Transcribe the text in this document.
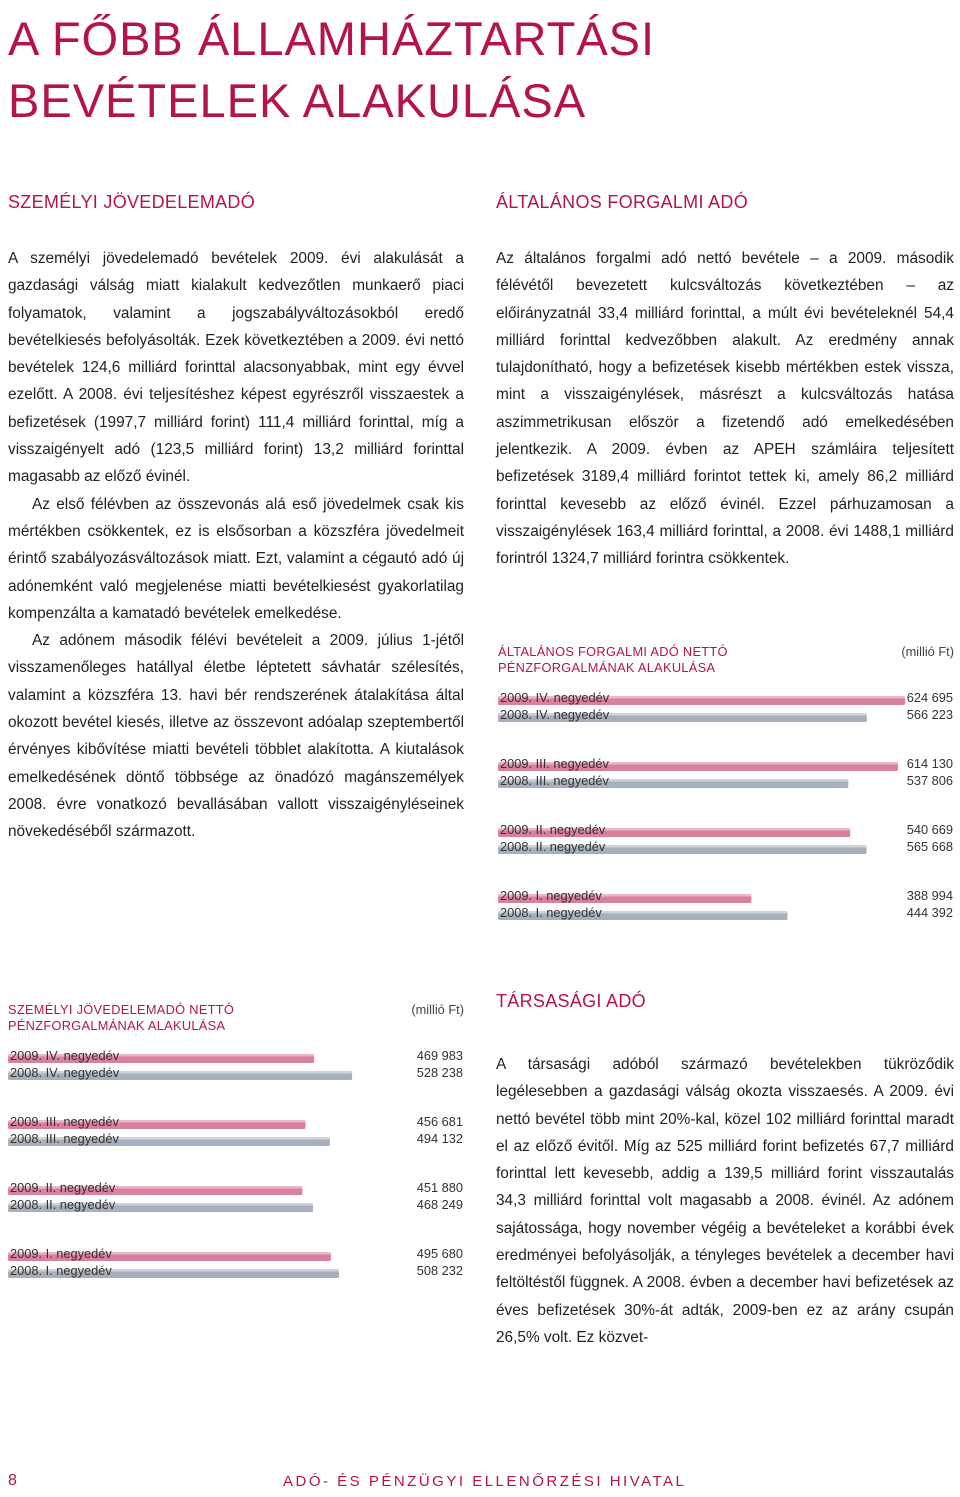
A FŐBB ÁLLAMHÁZTARTÁSI
BEVÉTELEK ALAKULÁSA
SZEMÉLYI JÖVEDELEMADÓ

A személyi jövedelemadó bevételek 2009. évi alakulását a gazdasági válság miatt kialakult kedvezőtlen munkaerő piaci folyamatok, valamint a jogszabályváltozásokból eredő bevételkiesés befolyásolták. Ezek következtében a 2009. évi nettó bevételek 124,6 milliárd forinttal alacsonyabbak, mint egy évvel ezelőtt. A 2008. évi teljesítéshez képest egyrészről visszaestek a befizetések (1997,7 milliárd forint) 111,4 milliárd forinttal, míg a visszaigényelt adó (123,5 milliárd forint) 13,2 milliárd forinttal magasabb az előző évinél.

Az első félévben az összevonás alá eső jövedelmek csak kis mértékben csökkentek, ez is elsősorban a közszféra jövedelmeit érintő szabályozásváltozások miatt. Ezt, valamint a cégautó adó új adónemként való megjelenése miatti bevételkiesést gyakorlatilag kompenzálta a kamatadó bevételek emelkedése.

Az adónem második félévi bevételeit a 2009. július 1-jétől visszamenőleges hatállyal életbe léptetett sávhatár szélesítés, valamint a közszféra 13. havi bér rendszerének átalakítása által okozott bevétel kiesés, illetve az összevont adóalap szeptembertől érvényes kibővítése miatti bevételi többlet alakította. A kiutalások emelkedésének döntő többsége az önadózó magánszemélyek 2008. évre vonatkozó bevallásában vallott visszaigényléseinek növekedéséből származott.

ÁLTALÁNOS FORGALMI ADÓ

Az általános forgalmi adó nettó bevétele – a 2009. második félévétől bevezetett kulcsváltozás következtében – az előirányzatnál 33,4 milliárd forinttal, a múlt évi bevételeknél 54,4 milliárd forinttal kedvezőbben alakult. Az eredmény annak tulajdonítható, hogy a befizetések kisebb mértékben estek vissza, mint a visszaigénylések, másrészt a kulcsváltozás hatása aszimmetrikusan először a fizetendő adó emelkedésében jelentkezik. A 2009. évben az APEH számláira teljesített befizetések 3189,4 milliárd forintot tettek ki, amely 86,2 milliárd forinttal kevesebb az előző évinél. Ezzel párhuzamosan a visszaigénylések 163,4 milliárd forinttal, a 2008. évi 1488,1 milliárd forintról 1324,7 milliárd forintra csökkentek.

ÁLTALÁNOS FORGALMI ADÓ NETTÓ
PÉNZFORGALMÁNAK ALAKULÁSA
(millió Ft)
2009. IV. negyedév	624 695
2008. IV. negyedév	566 223
2009. III. negyedév	614 130
2008. III. negyedév	537 806
2009. II. negyedév	540 669
2008. II. negyedév	565 668
2009. I. negyedév	388 994
2008. I. negyedév	444 392
SZEMÉLYI JÖVEDELEMADÓ NETTÓ
PÉNZFORGALMÁNAK ALAKULÁSA
(millió Ft)
2009. IV. negyedév	469 983
2008. IV. negyedév	528 238
2009. III. negyedév	456 681
2008. III. negyedév	494 132
2009. II. negyedév	451 880
2008. II. negyedév	468 249
2009. I. negyedév	495 680
2008. I. negyedév	508 232
TÁRSASÁGI ADÓ

A társasági adóból származó bevételekben tükröződik legélesebben a gazdasági válság okozta visszaesés. A 2009. évi nettó bevétel több mint 20%-kal, közel 102 milliárd forinttal maradt el az előző évitől. Míg az 525 milliárd forint befizetés 67,7 milliárd forinttal lett kevesebb, addig a 139,5 milliárd forint visszautalás 34,3 milliárd forinttal volt magasabb a 2008. évinél. Az adónem sajátossága, hogy november végéig a bevételeket a korábbi évek eredményei befolyásolják, a tényleges bevételek a december havi feltöltéstől függnek. A 2008. évben a december havi befizetések az éves befizetések 30%-át adták, 2009-ben ez az arány csupán 26,5% volt. Ez közvet-

8	ADÓ- ÉS PÉNZÜGYI ELLENŐRZÉSI HIVATAL
